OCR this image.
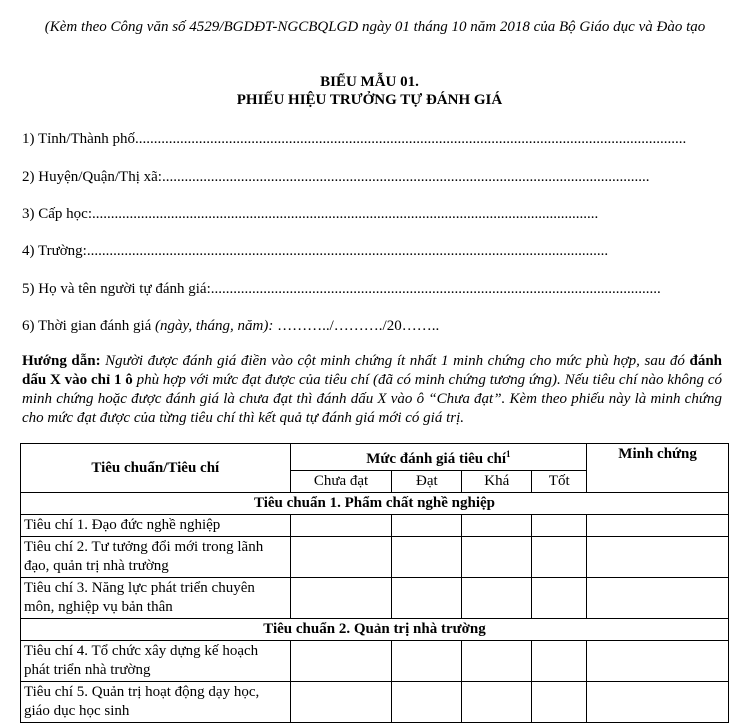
(Kèm theo Công văn số 4529/BGDĐT-NGCBQLGD ngày 01 tháng 10 năm 2018 của Bộ Giáo dục và Đào tạo
BIỂU MẪU 01.
PHIẾU HIỆU TRƯỞNG TỰ ĐÁNH GIÁ
1) Tỉnh/Thành phố...................................................................................................................................................
2) Huyện/Quận/Thị xã:..................................................................................................................................
3) Cấp học:.......................................................................................................................................
4) Trường:...........................................................................................................................................
5) Họ và tên người tự đánh giá:........................................................................................................................
6) Thời gian đánh giá (ngày, tháng, năm): ………../………./20……..
Hướng dẫn: Người được đánh giá điền vào cột minh chứng ít nhất 1 minh chứng cho mức phù hợp, sau đó đánh dấu X vào chỉ 1 ô phù hợp với mức đạt được của tiêu chí (đã có minh chứng tương ứng). Nếu tiêu chí nào không có minh chứng hoặc được đánh giá là chưa đạt thì đánh dấu X vào ô “Chưa đạt”. Kèm theo phiếu này là minh chứng cho mức đạt được của từng tiêu chí thì kết quả tự đánh giá mới có giá trị.
Tiêu chuẩn/Tiêu chí	Mức đánh giá tiêu chí$^1$				Minh chứng
	Chưa đạt	Đạt	Khá	Tốt	
Tiêu chuẩn 1. Phẩm chất nghề nghiệp					
Tiêu chí 1. Đạo đức nghề nghiệp					
Tiêu chí 2. Tư tưởng đổi mới trong lãnh đạo, quản trị nhà trường					
Tiêu chí 3. Năng lực phát triển chuyên môn, nghiệp vụ bản thân					
Tiêu chuẩn 2. Quản trị nhà trường					
Tiêu chí 4. Tổ chức xây dựng kế hoạch phát triển nhà trường					
Tiêu chí 5. Quản trị hoạt động dạy học, giáo dục học sinh					
